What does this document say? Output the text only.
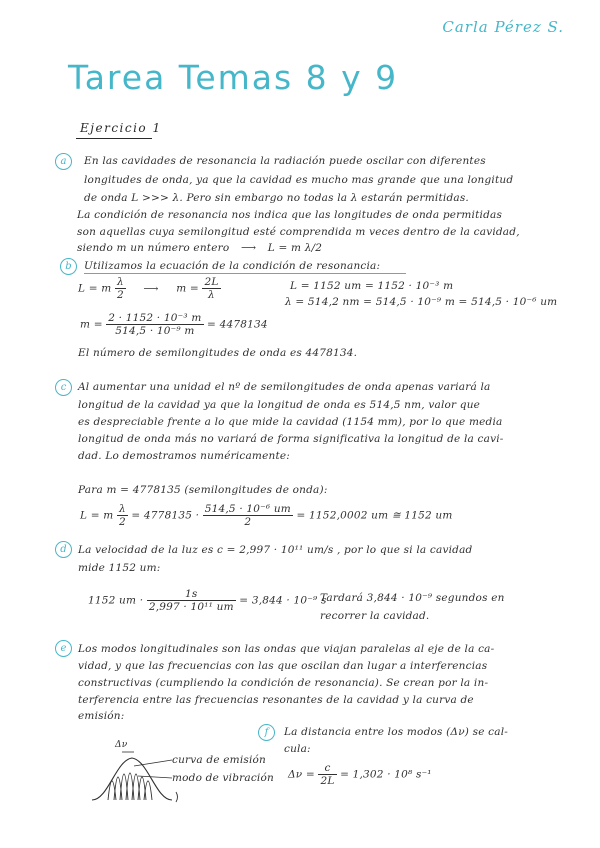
Carla Pérez S.
Tarea Temas 8 y 9
Ejercicio 1
a	En las cavidades de resonancia la radiación puede oscilar con diferentes
longitudes de onda, ya que la cavidad es mucho mas grande que una longitud
de onda L >>> λ. Pero sin embargo no todas la λ estarán permitidas.
La condición de resonancia nos indica que las longitudes de onda permitidas
son aquellas cuya semilongitud esté comprendida m veces dentro de la cavidad,
siendo m un número entero ⟶ L = m λ/2
b	Utilizamos la ecuación de la condición de resonancia:
L = m $\frac{\lambda}{2}$ ⟶ $m = \frac{2L}{\lambda}$	L = 1152 um = 1152 · 10⁻³ m
λ = 514,2 nm = 514,5 · 10⁻⁹ m = 514,5 · 10⁻⁶ um
$m = \frac{\text{2 · 1152 · 10⁻³ m}}{\text{514,5 · 10⁻⁹ m}} = 4478134$
El número de semilongitudes de onda es 4478134.
c	Al aumentar una unidad el nº de semilongitudes de onda apenas variará la
longitud de la cavidad ya que la longitud de onda es 514,5 nm, valor que
es despreciable frente a lo que mide la cavidad (1154 mm), por lo que media
longitud de onda más no variará de forma significativa la longitud de la cavi-
dad. Lo demostramos numéricamente:
Para m = 4778135 (semilongitudes de onda):
L = m $\frac{\lambda}{2} = 4778135 \cdot \frac{\text{514,5 · 10⁻⁶ um}}{2} = 1152,0002$ um ≅ 1152 um
d	La velocidad de la luz es c = 2,997 · 10¹¹ um/s , por lo que si la cavidad
mide 1152 um:
1152 um · $\frac{1s}{\text{2,997 · 10¹¹ um}} = 3,844 \cdot 10^{-9}$ s
Tardará 3,844 · 10⁻⁹ segundos en
recorrer la cavidad.
e	Los modos longitudinales son las ondas que viajan paralelas al eje de la ca-
vidad, y que las frecuencias con las que oscilan dan lugar a interferencias
constructivas (cumpliendo la condición de resonancia). Se crean por la in-
terferencia entre las frecuencias resonantes de la cavidad y la curva de
emisión:
Δν
curva de emisión
modo de vibración
f	La distancia entre los modos (Δν) se cal-
cula:
$\Delta\nu = \frac{c}{2L} = 1,302 \cdot 10^8$ s⁻¹
